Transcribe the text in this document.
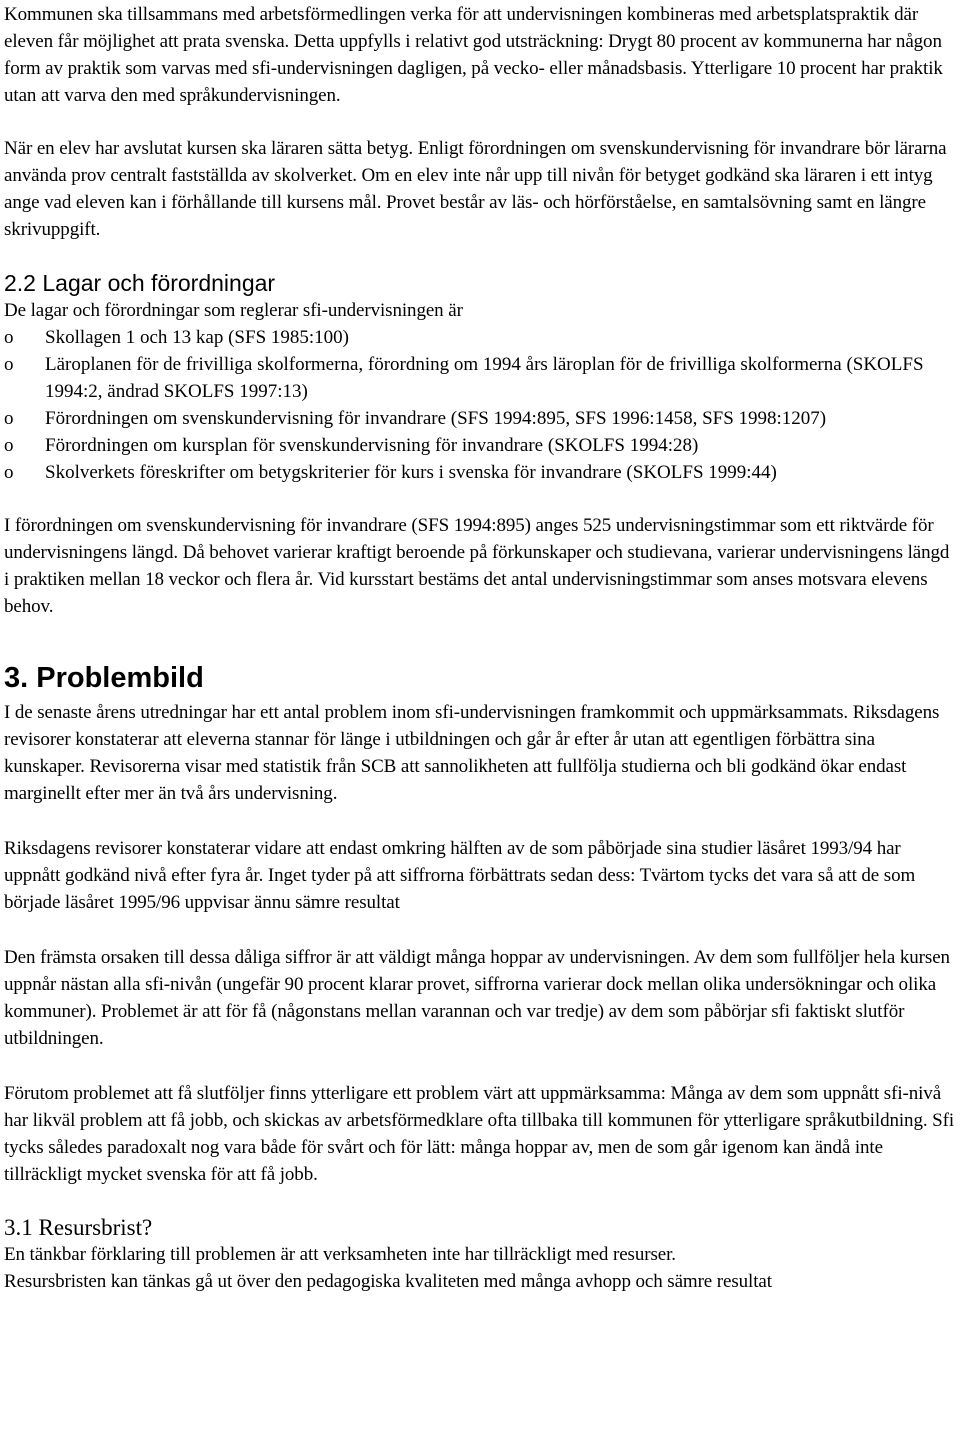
Kommunen ska tillsammans med arbetsförmedlingen verka för att undervisningen kombineras med arbetsplatspraktik där eleven får möjlighet att prata svenska. Detta uppfylls i relativt god utsträckning: Drygt 80 procent av kommunerna har någon form av praktik som varvas med sfi-undervisningen dagligen, på vecko- eller månadsbasis. Ytterligare 10 procent har praktik utan att varva den med språkundervisningen.

När en elev har avslutat kursen ska läraren sätta betyg. Enligt förordningen om svenskundervisning för invandrare bör lärarna använda prov centralt fastställda av skolverket. Om en elev inte når upp till nivån för betyget godkänd ska läraren i ett intyg ange vad eleven kan i förhållande till kursens mål. Provet består av läs- och hörförståelse, en samtalsövning samt en längre skrivuppgift.

2.2 Lagar och förordningar

De lagar och förordningar som reglerar sfi-undervisningen är

o Skollagen 1 och 13 kap (SFS 1985:100)
o Läroplanen för de frivilliga skolformerna, förordning om 1994 års läroplan för de frivilliga skolformerna (SKOLFS 1994:2, ändrad SKOLFS 1997:13)
o Förordningen om svenskundervisning för invandrare (SFS 1994:895, SFS 1996:1458, SFS 1998:1207)
o Förordningen om kursplan för svenskundervisning för invandrare (SKOLFS 1994:28)
o Skolverkets föreskrifter om betygskriterier för kurs i svenska för invandrare (SKOLFS 1999:44)

I förordningen om svenskundervisning för invandrare (SFS 1994:895) anges 525 undervisningstimmar som ett riktvärde för undervisningens längd. Då behovet varierar kraftigt beroende på förkunskaper och studievana, varierar undervisningens längd i praktiken mellan 18 veckor och flera år. Vid kursstart bestäms det antal undervisningstimmar som anses motsvara elevens behov.

3. Problembild

I de senaste årens utredningar har ett antal problem inom sfi-undervisningen framkommit och uppmärksammats. Riksdagens revisorer konstaterar att eleverna stannar för länge i utbildningen och går år efter år utan att egentligen förbättra sina kunskaper. Revisorerna visar med statistik från SCB att sannolikheten att fullfölja studierna och bli godkänd ökar endast marginellt efter mer än två års undervisning.

Riksdagens revisorer konstaterar vidare att endast omkring hälften av de som påbörjade sina studier läsåret 1993/94 har uppnått godkänd nivå efter fyra år. Inget tyder på att siffrorna förbättrats sedan dess: Tvärtom tycks det vara så att de som började läsåret 1995/96 uppvisar ännu sämre resultat

Den främsta orsaken till dessa dåliga siffror är att väldigt många hoppar av undervisningen. Av dem som fullföljer hela kursen uppnår nästan alla sfi-nivån (ungefär 90 procent klarar provet, siffrorna varierar dock mellan olika undersökningar och olika kommuner). Problemet är att för få (någonstans mellan varannan och var tredje) av dem som påbörjar sfi faktiskt slutför utbildningen.

Förutom problemet att få slutföljer finns ytterligare ett problem värt att uppmärksamma: Många av dem som uppnått sfi-nivå har likväl problem att få jobb, och skickas av arbetsförmedklare ofta tillbaka till kommunen för ytterligare språkutbildning. Sfi tycks således paradoxalt nog vara både för svårt och för lätt: många hoppar av, men de som går igenom kan ändå inte tillräckligt mycket svenska för att få jobb.

3.1 Resursbrist?

En tänkbar förklaring till problemen är att verksamheten inte har tillräckligt med resurser.

Resursbristen kan tänkas gå ut över den pedagogiska kvaliteten med många avhopp och sämre resultat
